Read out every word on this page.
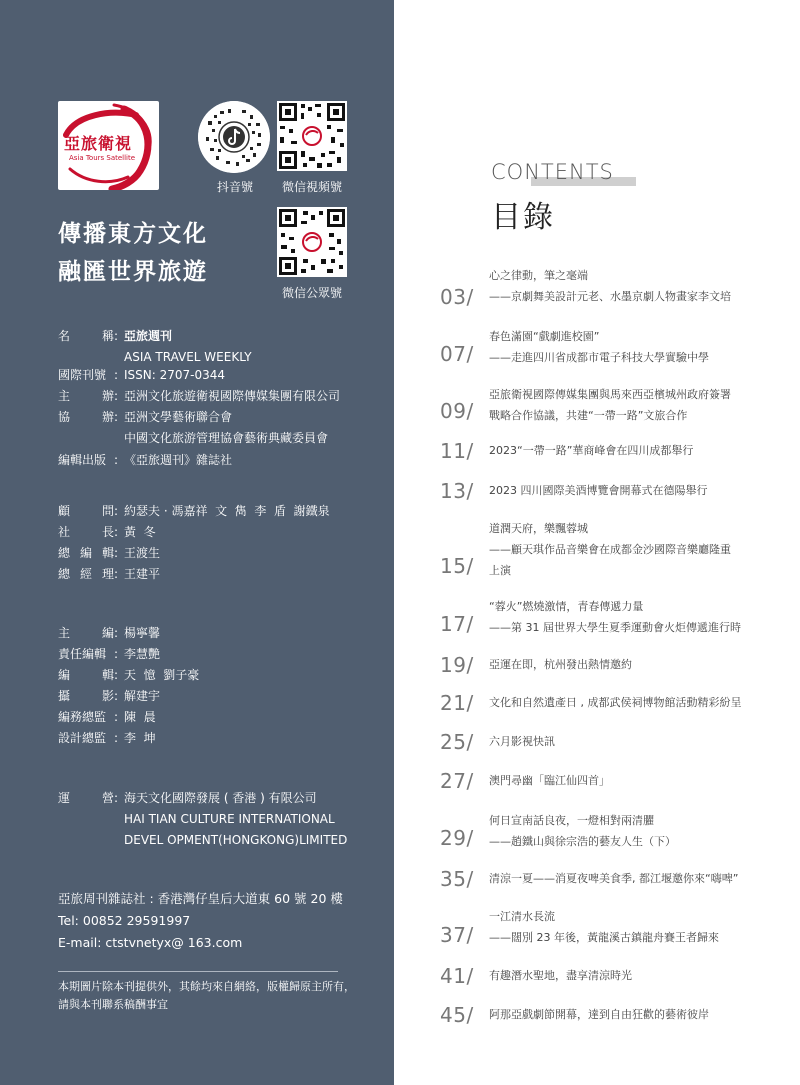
亞旅衛視
Asia Tours Satellite
抖音號	微信視頻號
微信公眾號
傳播東方文化
融匯世界旅遊
名	稱 : 亞旅週刊
ASIA TRAVEL WEEKLY
國際刊號 : ISSN: 2707-0344
主	辦 : 亞洲文化旅遊衛視國際傳媒集團有限公司
協	辦 : 亞洲文學藝術聯合會
中國文化旅游管理協會藝術典藏委員會
編輯出版 : 《亞旅週刊》雜誌社
顧	問 : 約瑟夫 · 馮嘉祥  文  雋  李  盾  謝鐵泉
社	長 : 黃  冬
總 編 輯 : 王渡生
總 經 理 : 王建平
主	編 : 楊寧馨
責任編輯 : 李慧艷
編	輯 : 天  憶  劉子豪
攝	影 : 解建宇
編務總監 : 陳  晨
設計總監 : 李  坤
運	營 : 海天文化國際發展 ( 香港 ) 有限公司
HAI TIAN CULTURE INTERNATIONAL
DEVEL OPMENT(HONGKONG)LIMITED
亞旅周刊雜誌社 : 香港灣仔皇后大道東 60 號 20 樓
Tel: 00852 29591997
E-mail: ctstvnetyx@ 163.com
本期圖片除本刊提供外，其餘均來自網絡，版權歸原主所有，
請與本刊聯系稿酬事宜
CONTENTS
目錄
03/
心之律動，筆之毫端
——京劇舞美設計元老、水墨京劇人物畫家李文培
07/
春色滿園“戲劇進校園”
——走進四川省成都市電子科技大學實驗中學
09/
亞旅衛視國際傳媒集團與馬來西亞檳城州政府簽署
戰略合作協議，共建“一帶一路”文旅合作
11/ 2023“一帶一路”華商峰會在四川成都舉行
13/ 2023 四川國際美酒博覽會開幕式在德陽舉行
15/
道潤天府，樂飄蓉城
——顧天琪作品音樂會在成都金沙國際音樂廳隆重
上演
17/
“蓉火”燃燒激情，青春傳遞力量
——第 31 屆世界大學生夏季運動會火炬傳遞進行時
19/ 亞運在即，杭州發出熱情邀約
21/ 文化和自然遺產日 , 成都武侯祠博物館活動精彩紛呈
25/ 六月影視快訊
27/ 澳門尋幽「臨江仙四首」
29/
何日宣南話良夜，一燈相對兩清臞
——趙鐵山與徐宗浩的藝友人生（下）
35/ 清涼一夏——消夏夜啤美食季, 都江堰邀你來“嗨啤”
37/
一江清水長流
——闊別 23 年後，黃龍溪古鎮龍舟賽王者歸來
41/ 有趣潛水聖地，盡享清涼時光
45/ 阿那亞戲劇節開幕，達到自由狂歡的藝術彼岸
